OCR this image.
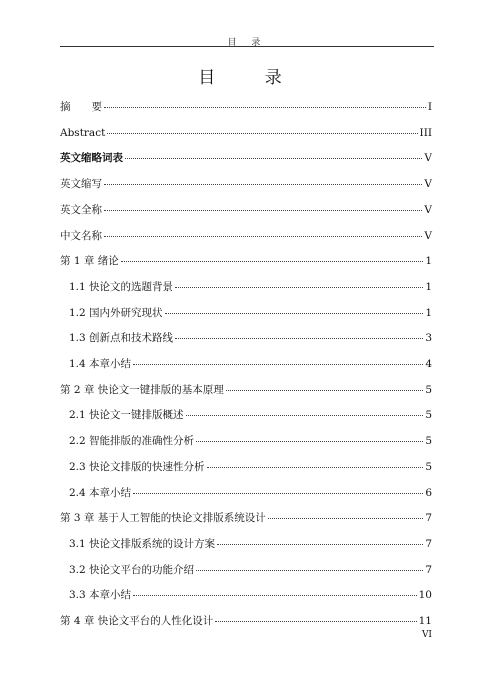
目 录
目 录
摘　　要	I
Abstract	III
英文缩略词表	V
英文缩写	V
英文全称	V
中文名称	V
第 1 章 绪论	1
1.1 快论文的选题背景	1
1.2 国内外研究现状	1
1.3 创新点和技术路线	3
1.4 本章小结	4
第 2 章 快论文一键排版的基本原理	5
2.1 快论文一键排版概述	5
2.2 智能排版的准确性分析	5
2.3 快论文排版的快速性分析	5
2.4 本章小结	6
第 3 章 基于人工智能的快论文排版系统设计	7
3.1 快论文排版系统的设计方案	7
3.2 快论文平台的功能介绍	7
3.3 本章小结	10
第 4 章 快论文平台的人性化设计	11
VI
